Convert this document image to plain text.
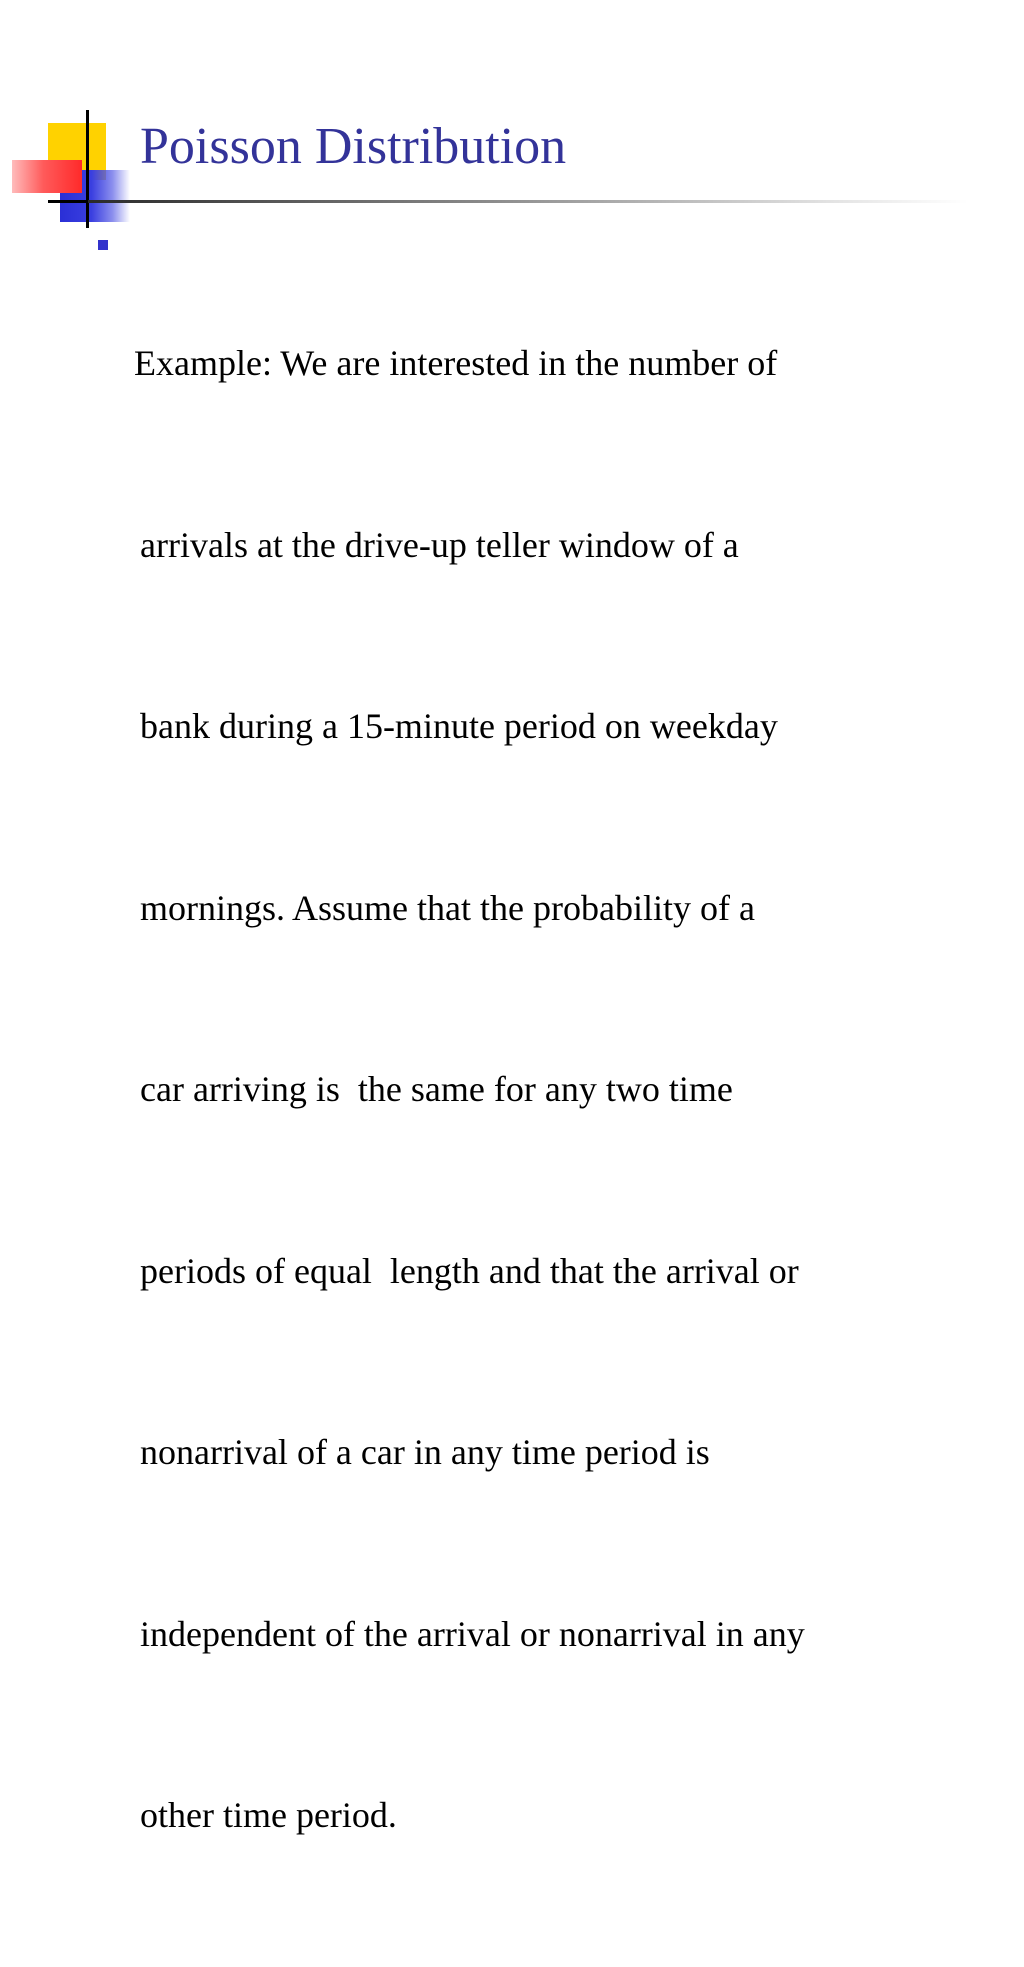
Poisson Distribution

Example: We are interested in the number of

arrivals at the drive-up teller window of a

bank during a 15-minute period on weekday

mornings. Assume that the probability of a

car arriving is  the same for any two time

periods of equal  length and that the arrival or

nonarrival of a car in any time period is

independent of the arrival or nonarrival in any

other time period.
